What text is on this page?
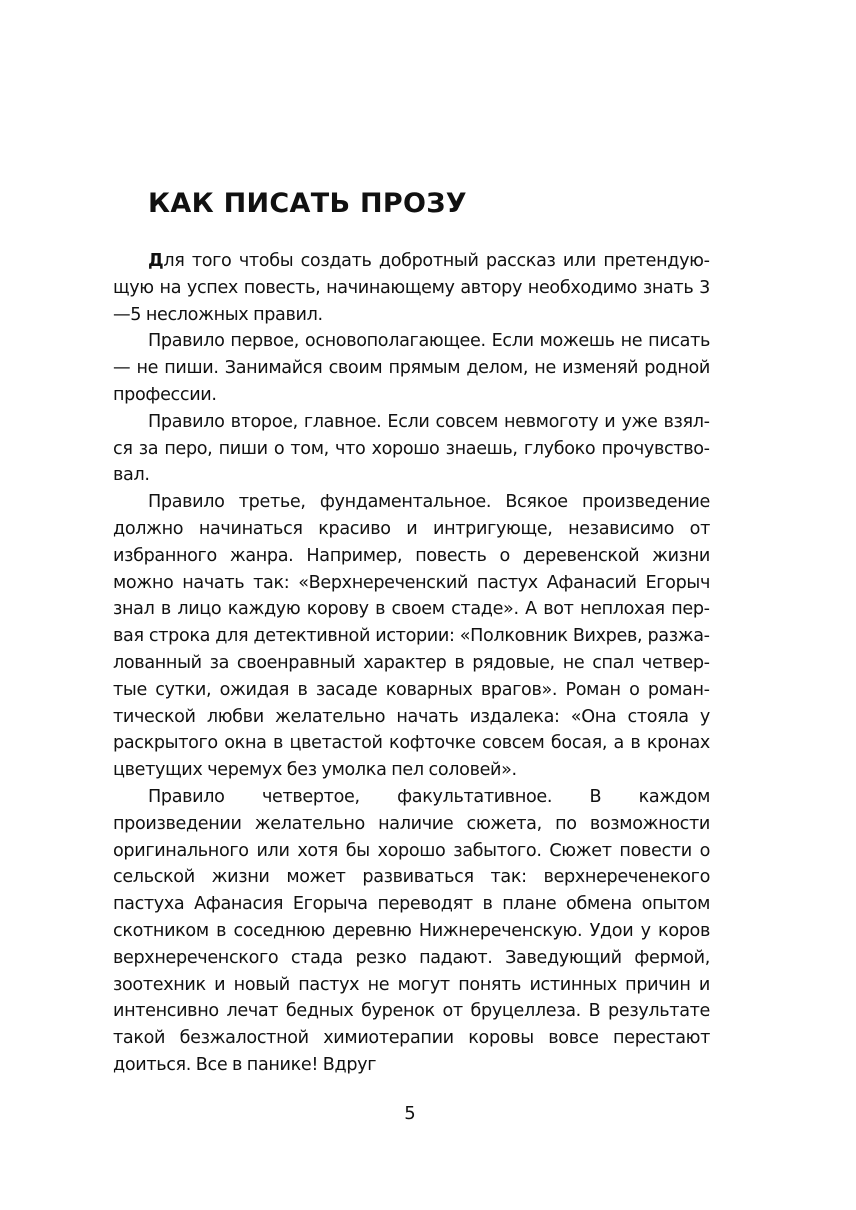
КАК ПИСАТЬ ПРОЗУ

Для того чтобы создать добротный рассказ или претендующую на успех повесть, начинающему автору необходимо знать 3—5 несложных правил.

Правило первое, основополагающее. Если можешь не писать — не пиши. Занимайся своим прямым делом, не изменяй родной профессии.

Правило второе, главное. Если совсем невмоготу и уже взялся за перо, пиши о том, что хорошо знаешь, глубоко прочувствовал.

Правило третье, фундаментальное. Всякое произведение должно начинаться красиво и интригующе, независимо от избранного жанра. Например, повесть о деревенской жизни можно начать так: «Верхнереченский пастух Афанасий Егорыч знал в лицо каждую корову в своем стаде». А вот неплохая первая строка для детективной истории: «Полковник Вихрев, разжалованный за своенравный характер в рядовые, не спал четвертые сутки, ожидая в засаде коварных врагов». Роман о романтической любви желательно начать издалека: «Она стояла у раскрытого окна в цветастой кофточке совсем босая, а в кронах цветущих черемух без умолка пел соловей».

Правило четвертое, факультативное. В каждом произведении желательно наличие сюжета, по возможности оригинального или хотя бы хорошо забытого. Сюжет повести о сельской жизни может развиваться так: верхнереченекого пастуха Афанасия Егорыча переводят в плане обмена опытом скотником в соседнюю деревню Нижнереченскую. Удои у коров верхнереченского стада резко падают. Заведующий фермой, зоотехник и новый пастух не могут понять истинных причин и интенсивно лечат бедных буренок от бруцеллеза. В результате такой безжалостной химиотерапии коровы вовсе перестают доиться. Все в панике! Вдруг

5
